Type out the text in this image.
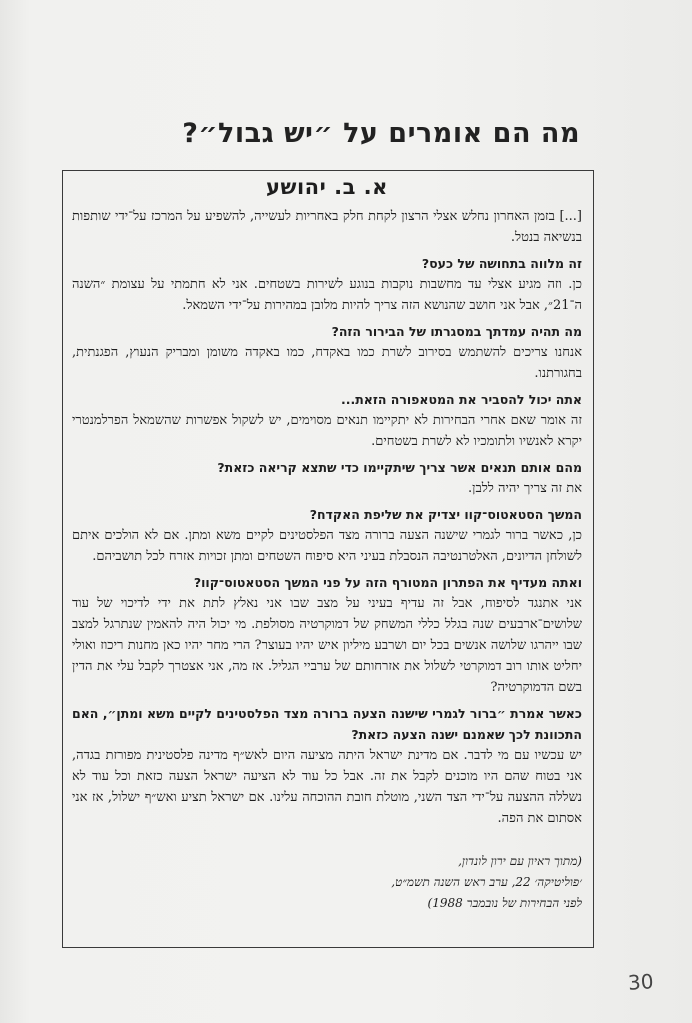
מה הם אומרים על ״יש גבול״?
א. ב. יהושע

[...] בזמן האחרון נחלש אצלי הרצון לקחת חלק באחריות לעשייה, להשפיע על המרכז על־ידי שותפות בנשיאה בנטל.

זה מלווה בתחושה של כעס?

כן. וזה מגיע אצלי עד מחשבות נוקבות בנוגע לשירות בשטחים. אני לא חתמתי על עצומת ״השנה ה־21״, אבל אני חושב שהנושא הזה צריך להיות מלובן במהירות על־ידי השמאל.

מה תהיה עמדתך במסגרתו של הבירור הזה?

אנחנו צריכים להשתמש בסירוב לשרת כמו באקדח, כמו באקדה משומן ומבריק הנעוץ, הפגנתית, בחגורתנו.

אתה יכול להסביר את המטאפורה הזאת...

זה אומר שאם אחרי הבחירות לא יתקיימו תנאים מסוימים, יש לשקול אפשרות שהשמאל הפרלמנטרי יקרא לאנשיו ולתומכיו לא לשרת בשטחים.

מהם אותם תנאים אשר צריך שיתקיימו כדי שתצא קריאה כזאת?

את זה צריך יהיה ללבן.

המשך הסטאטוס־קוו יצדיק את שליפת האקדח?

כן, כאשר ברור לגמרי שישנה הצעה ברורה מצד הפלסטינים לקיים משא ומתן. אם לא הולכים איתם לשולחן הדיונים, האלטרנטיבה הנסבלת בעיני היא סיפוח השטחים ומתן זכויות אזרח לכל תושביהם.

ואתה מעדיף את הפתרון המטורף הזה על פני המשך הסטאטוס־קוו?

אני אתנגד לסיפוח, אבל זה עדיף בעיני על מצב שבו אני נאלץ לתת את ידי לדיכוי של עוד שלושים־ארבעים שנה בגלל כללי המשחק של דמוקרטיה מסולפת. מי יכול היה להאמין שנתרגל למצב שבו ייהרגו שלושה אנשים בכל יום ושרבע מיליון איש יהיו בעוצר? הרי מחר יהיו כאן מחנות ריכוז ואולי יחליט אותו רוב דמוקרטי לשלול את אזרחותם של ערביי הגליל. אז מה, אני אצטרך לקבל עלי את הדין בשם הדמוקרטיה?

כאשר אמרת ״ברור לגמרי שישנה הצעה ברורה מצד הפלסטינים לקיים משא ומתן״, האם התכוונת לכך שאמנם ישנה הצעה כזאת?

יש עכשיו עם מי לדבר. אם מדינת ישראל היתה מציעה היום לאש״ף מדינה פלסטינית מפורזת בגדה, אני בטוח שהם היו מוכנים לקבל את זה. אבל כל עוד לא הציעה ישראל הצעה כזאת וכל עוד לא נשללה ההצעה על־ידי הצד השני, מוטלת חובת ההוכחה עלינו. אם ישראל תציע ואש״ף ישלול, אז אני אסתום את הפה.

(מתוך ראיון עם ירון לונדון,
׳פוליטיקה׳ 22, ערב ראש השנה תשמ״ט,
לפני הבחירות של נובמבר 1988)
30
